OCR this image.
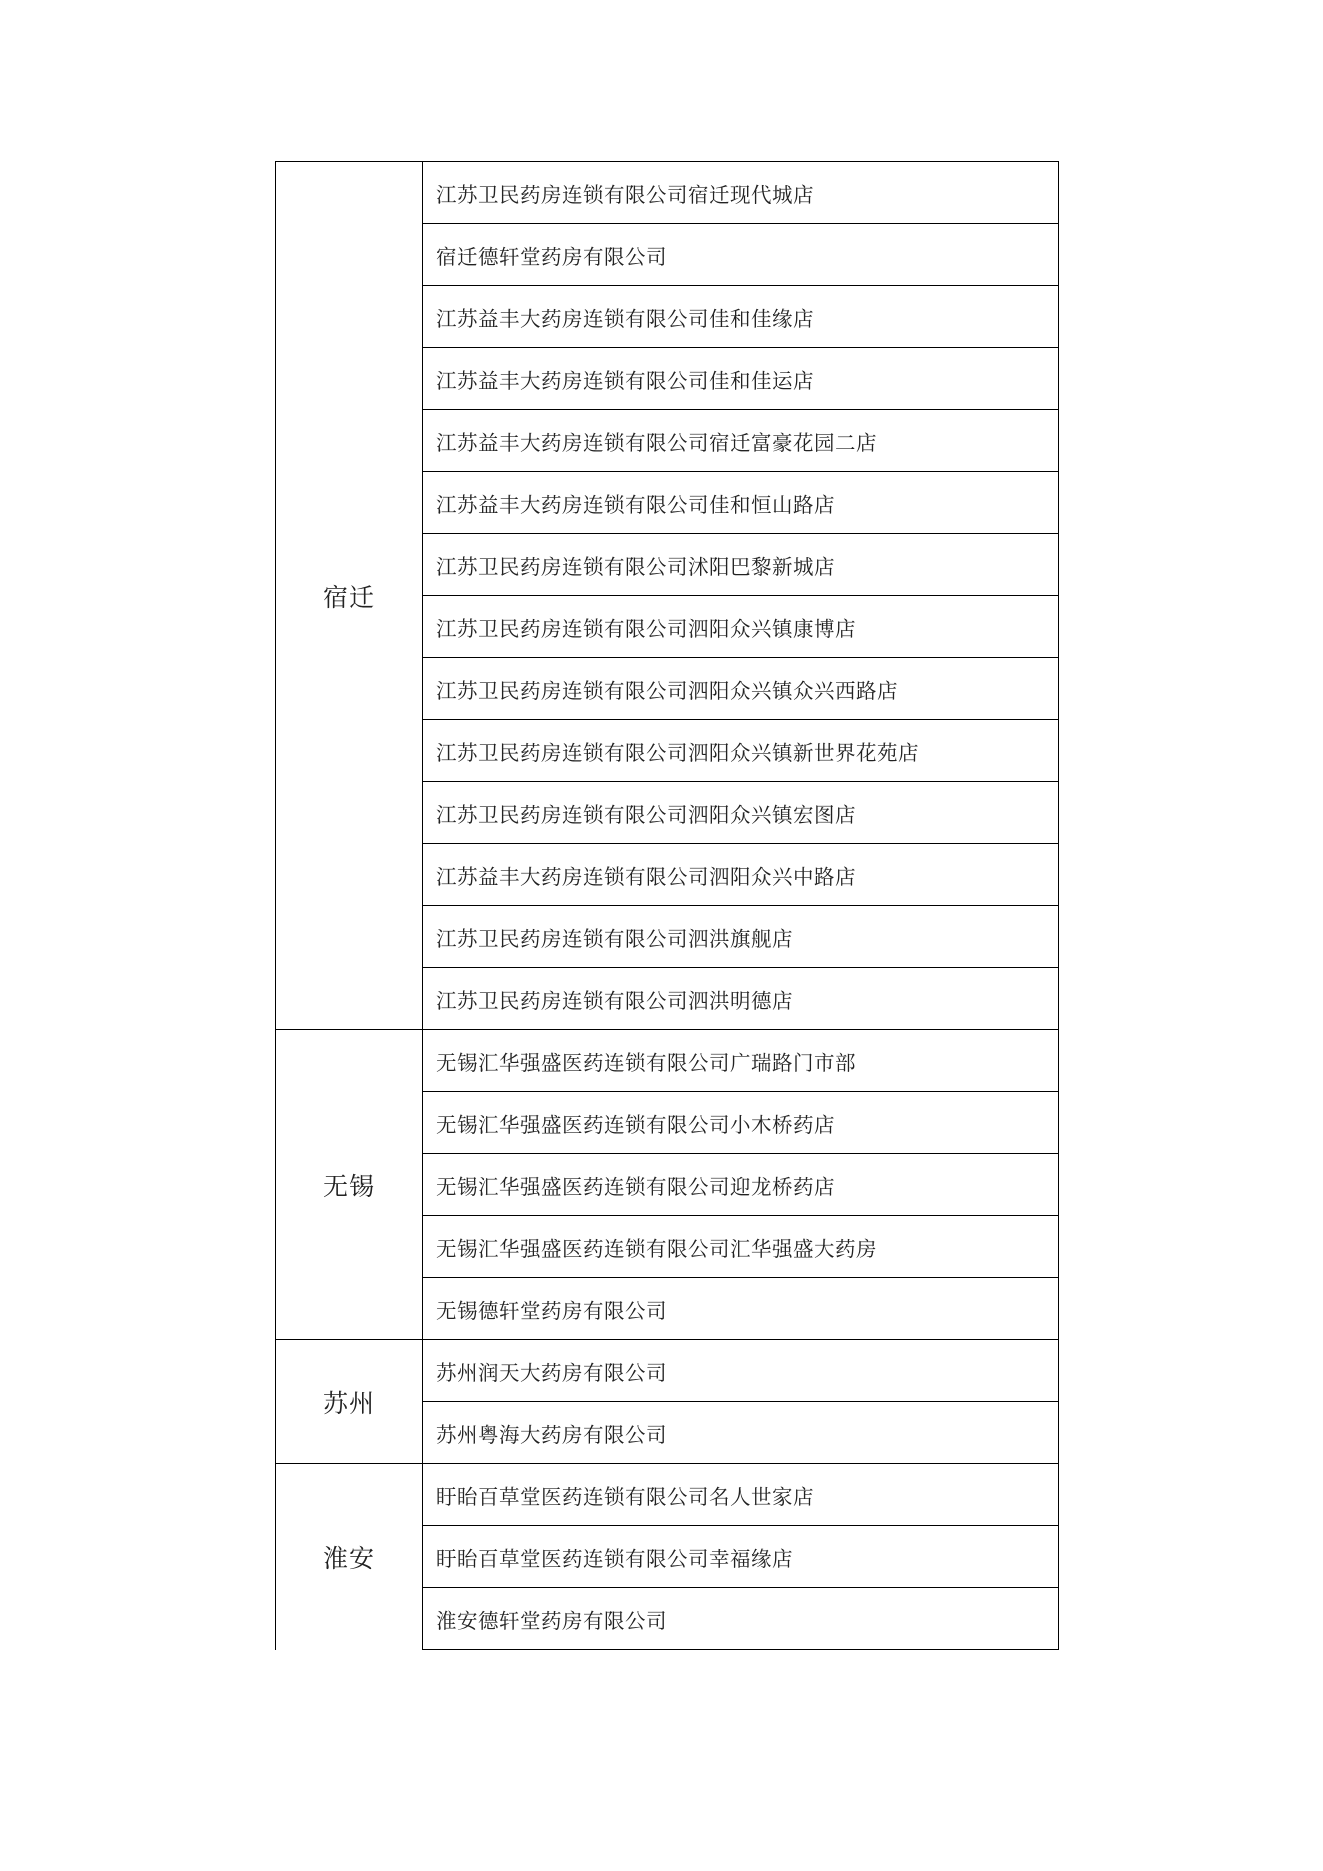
宿迁	江苏卫民药房连锁有限公司宿迁现代城店
	宿迁德轩堂药房有限公司
	江苏益丰大药房连锁有限公司佳和佳缘店
	江苏益丰大药房连锁有限公司佳和佳运店
	江苏益丰大药房连锁有限公司宿迁富豪花园二店
	江苏益丰大药房连锁有限公司佳和恒山路店
	江苏卫民药房连锁有限公司沭阳巴黎新城店
	江苏卫民药房连锁有限公司泗阳众兴镇康博店
	江苏卫民药房连锁有限公司泗阳众兴镇众兴西路店
	江苏卫民药房连锁有限公司泗阳众兴镇新世界花苑店
	江苏卫民药房连锁有限公司泗阳众兴镇宏图店
	江苏益丰大药房连锁有限公司泗阳众兴中路店
	江苏卫民药房连锁有限公司泗洪旗舰店
	江苏卫民药房连锁有限公司泗洪明德店
无锡	无锡汇华强盛医药连锁有限公司广瑞路门市部
	无锡汇华强盛医药连锁有限公司小木桥药店
	无锡汇华强盛医药连锁有限公司迎龙桥药店
	无锡汇华强盛医药连锁有限公司汇华强盛大药房
	无锡德轩堂药房有限公司
苏州	苏州润天大药房有限公司
	苏州粤海大药房有限公司
淮安	盱眙百草堂医药连锁有限公司名人世家店
	盱眙百草堂医药连锁有限公司幸福缘店
	淮安德轩堂药房有限公司
